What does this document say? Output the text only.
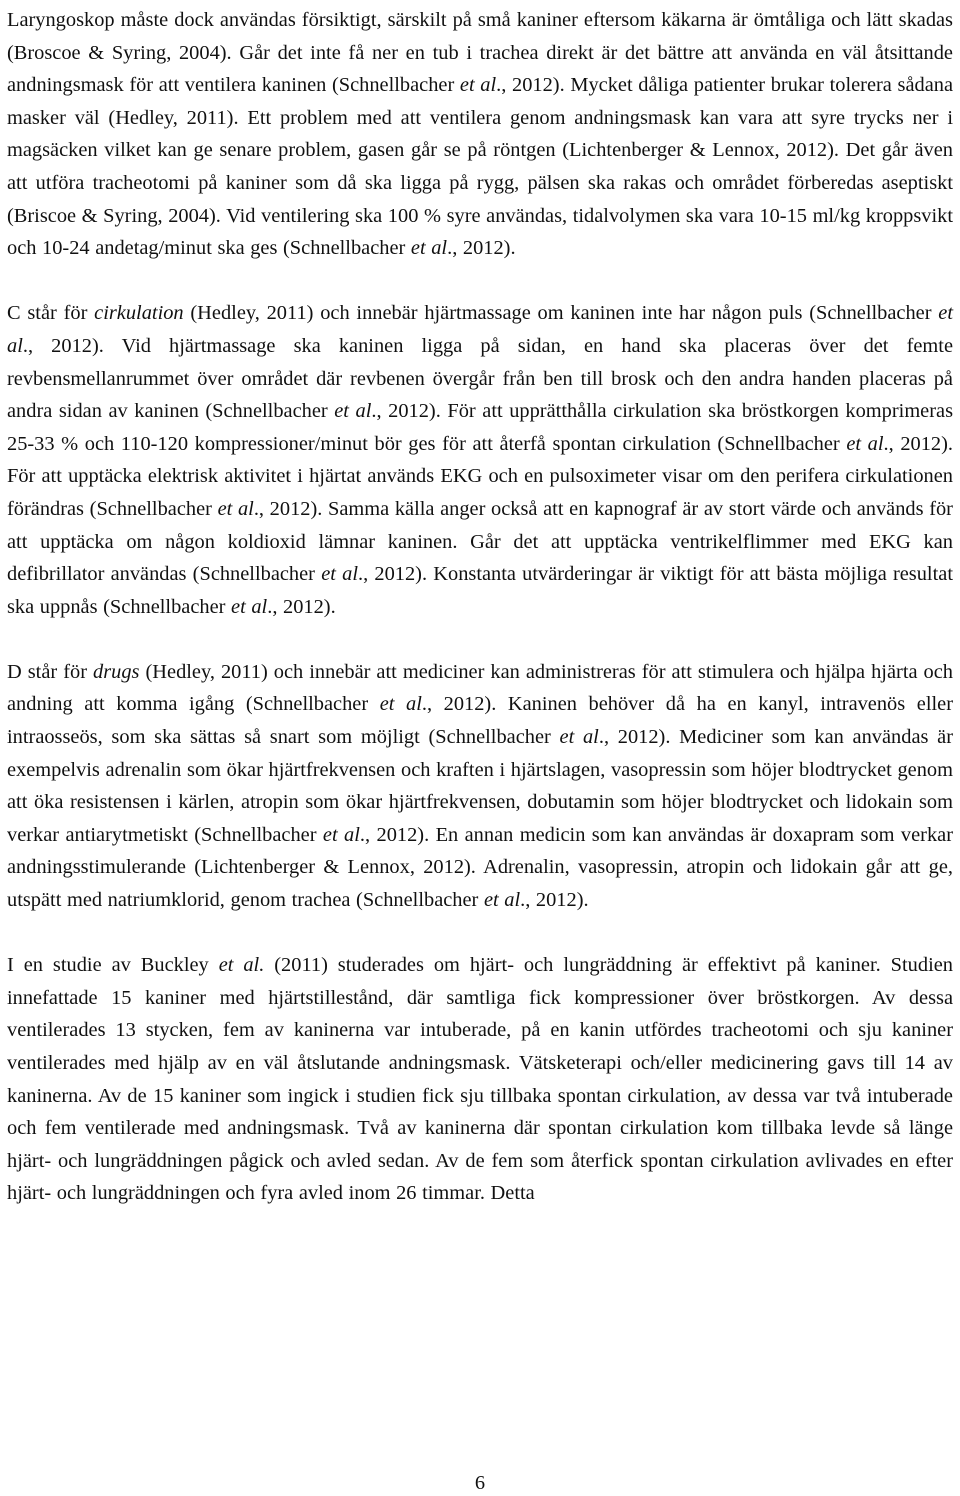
Laryngoskop måste dock användas försiktigt, särskilt på små kaniner eftersom käkarna är ömtåliga och lätt skadas (Broscoe & Syring, 2004). Går det inte få ner en tub i trachea direkt är det bättre att använda en väl åtsittande andningsmask för att ventilera kaninen (Schnellbacher et al., 2012). Mycket dåliga patienter brukar tolerera sådana masker väl (Hedley, 2011). Ett problem med att ventilera genom andningsmask kan vara att syre trycks ner i magsäcken vilket kan ge senare problem, gasen går se på röntgen (Lichtenberger & Lennox, 2012). Det går även att utföra tracheotomi på kaniner som då ska ligga på rygg, pälsen ska rakas och området förberedas aseptiskt (Briscoe & Syring, 2004). Vid ventilering ska 100 % syre användas, tidalvolymen ska vara 10-15 ml/kg kroppsvikt och 10-24 andetag/minut ska ges (Schnellbacher et al., 2012).

C står för cirkulation (Hedley, 2011) och innebär hjärtmassage om kaninen inte har någon puls (Schnellbacher et al., 2012). Vid hjärtmassage ska kaninen ligga på sidan, en hand ska placeras över det femte revbensmellanrummet över området där revbenen övergår från ben till brosk och den andra handen placeras på andra sidan av kaninen (Schnellbacher et al., 2012). För att upprätthålla cirkulation ska bröstkorgen komprimeras 25-33 % och 110-120 kompressioner/minut bör ges för att återfå spontan cirkulation (Schnellbacher et al., 2012). För att upptäcka elektrisk aktivitet i hjärtat används EKG och en pulsoximeter visar om den perifera cirkulationen förändras (Schnellbacher et al., 2012). Samma källa anger också att en kapnograf är av stort värde och används för att upptäcka om någon koldioxid lämnar kaninen. Går det att upptäcka ventrikelflimmer med EKG kan defibrillator användas (Schnellbacher et al., 2012). Konstanta utvärderingar är viktigt för att bästa möjliga resultat ska uppnås (Schnellbacher et al., 2012).

D står för drugs (Hedley, 2011) och innebär att mediciner kan administreras för att stimulera och hjälpa hjärta och andning att komma igång (Schnellbacher et al., 2012). Kaninen behöver då ha en kanyl, intravenös eller intraosseös, som ska sättas så snart som möjligt (Schnellbacher et al., 2012). Mediciner som kan användas är exempelvis adrenalin som ökar hjärtfrekvensen och kraften i hjärtslagen, vasopressin som höjer blodtrycket genom att öka resistensen i kärlen, atropin som ökar hjärtfrekvensen, dobutamin som höjer blodtrycket och lidokain som verkar antiarytmetiskt (Schnellbacher et al., 2012). En annan medicin som kan användas är doxapram som verkar andningsstimulerande (Lichtenberger & Lennox, 2012). Adrenalin, vasopressin, atropin och lidokain går att ge, utspätt med natriumklorid, genom trachea (Schnellbacher et al., 2012).

I en studie av Buckley et al. (2011) studerades om hjärt- och lungräddning är effektivt på kaniner. Studien innefattade 15 kaniner med hjärtstillestånd, där samtliga fick kompressioner över bröstkorgen. Av dessa ventilerades 13 stycken, fem av kaninerna var intuberade, på en kanin utfördes tracheotomi och sju kaniner ventilerades med hjälp av en väl åtslutande andningsmask. Vätsketerapi och/eller medicinering gavs till 14 av kaninerna. Av de 15 kaniner som ingick i studien fick sju tillbaka spontan cirkulation, av dessa var två intuberade och fem ventilerade med andningsmask. Två av kaninerna där spontan cirkulation kom tillbaka levde så länge hjärt- och lungräddningen pågick och avled sedan. Av de fem som återfick spontan cirkulation avlivades en efter hjärt- och lungräddningen och fyra avled inom 26 timmar. Detta

6
